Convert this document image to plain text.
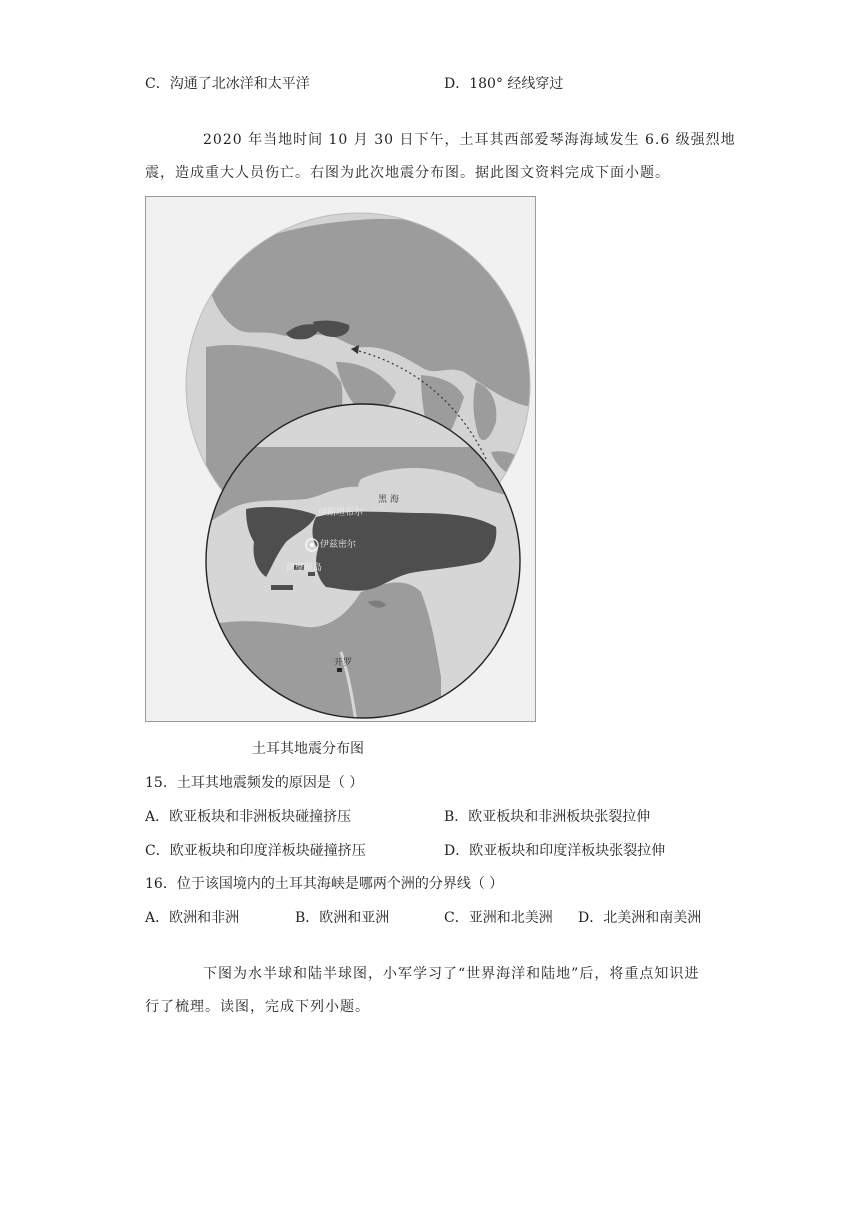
C．沟通了北冰洋和太平洋	D．180° 经线穿过
2020 年当地时间 10 月 30 日下午，土耳其西部爱琴海海域发生 6.6 级强烈地
震，造成重大人员伤亡。右图为此次地震分布图。据此图文资料完成下面小题。
黑 海
伊斯坦布尔
伊兹密尔
萨摩斯岛
开罗
土耳其地震分布图
15．土耳其地震频发的原因是（ ）
A．欧亚板块和非洲板块碰撞挤压	B．欧亚板块和非洲板块张裂拉伸
C．欧亚板块和印度洋板块碰撞挤压	D．欧亚板块和印度洋板块张裂拉伸
16．位于该国境内的土耳其海峡是哪两个洲的分界线（ ）
A．欧洲和非洲	B．欧洲和亚洲	C．亚洲和北美洲 D．北美洲和南美洲
下图为水半球和陆半球图，小军学习了“世界海洋和陆地”后，将重点知识进
行了梳理。读图，完成下列小题。
